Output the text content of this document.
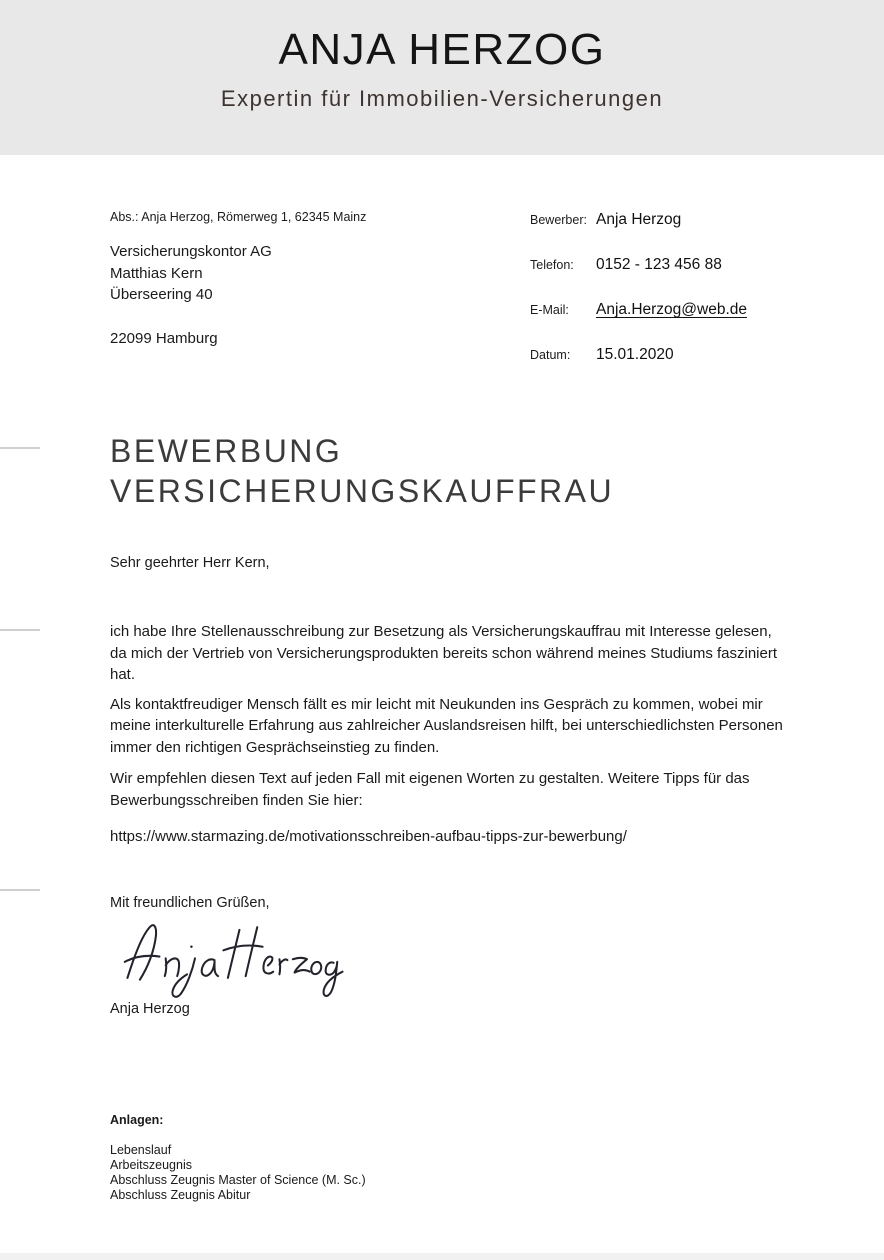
ANJA HERZOG
Expertin für Immobilien-Versicherungen
Abs.: Anja Herzog, Römerweg 1, 62345 Mainz
Versicherungskontor AG
Matthias Kern
Überseering 40
22099 Hamburg
Bewerber: Anja Herzog
Telefon:	0152 - 123 456 88
E-Mail:	Anja.Herzog@web.de
Datum:	15.01.2020
BEWERBUNG VERSICHERUNGSKAUFFRAU

Sehr geehrter Herr Kern,

ich habe Ihre Stellenausschreibung zur Besetzung als Versicherungskauffrau mit Interesse gelesen, da mich der Vertrieb von Versicherungsprodukten bereits schon während meines Studiums fasziniert hat.

Als kontaktfreudiger Mensch fällt es mir leicht mit Neukunden ins Gespräch zu kommen, wobei mir meine interkulturelle Erfahrung aus zahlreicher Auslandsreisen hilft, bei unterschiedlichsten Personen immer den richtigen Gesprächseinstieg zu finden.

Wir empfehlen diesen Text auf jeden Fall mit eigenen Worten zu gestalten. Weitere Tipps für das Bewerbungsschreiben finden Sie hier:

https://www.starmazing.de/motivationsschreiben-aufbau-tipps-zur-bewerbung/

Mit freundlichen Grüßen,

Anja Herzog

Anlagen:
Lebenslauf
Arbeitszeugnis
Abschluss Zeugnis Master of Science (M. Sc.)
Abschluss Zeugnis Abitur
